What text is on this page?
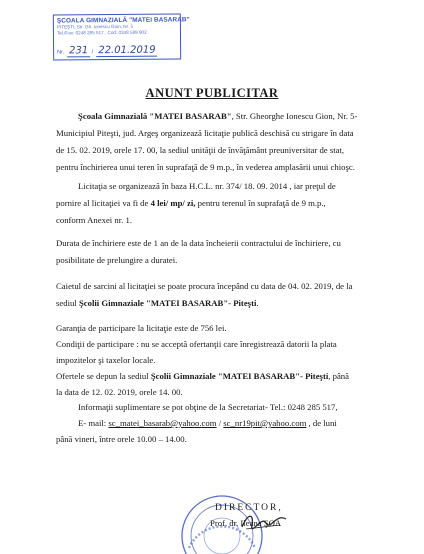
ŞCOALA GIMNAZIALĂ "MATEI BASARAB"
PITEŞTI, Str. Gh. Ionescu Gion, Nr. 5
Tel./Fax: 0248 285 517 ; Cod: 0348 589 902
Nr. 231 / 22.01.2019
ANUNT PUBLICITAR
Şcoala Gimnazială "MATEI BASARAB", Str. Gheorghe Ionescu Gion, Nr. 5-
Municipiul Piteşti, jud. Argeş organizează licitaţie publică deschisă cu strigare în data
de 15. 02. 2019, orele 17. 00, la sediul unităţii de învăţământ preuniversitar de stat,
pentru închirierea unui teren în suprafaţă de 9 m.p., în vederea amplasării unui chioşc.
Licitaţia se organizează în baza H.C.L. nr. 374/ 18. 09. 2014 , iar preţul de
pornire al licitaţiei va fi de 4 lei/ mp/ zi, pentru terenul în suprafaţă de 9 m.p.,
conform Anexei nr. 1.
Durata de închiriere este de 1 an de la data încheierii contractului de închiriere, cu
posibilitate de prelungire a duratei.
Caietul de sarcini al licitaţiei se poate procura începând cu data de 04. 02. 2019, de la
sediul Şcolii Gimnaziale "MATEI BASARAB"- Piteşti.
Garanţia de participare la licitaţie este de 756 lei.
Condiţii de participare : nu se acceptă ofertanţii care înregistrează datorii la plata
impozitelor şi taxelor locale.
Ofertele se depun la sediul Şcolii Gimnaziale "MATEI BASARAB"- Piteşti, până
la data de 12. 02. 2019, orele 14. 00.
Informaţii suplimentare se pot obţine de la Secretariat- Tel.: 0248 285 517,
E- mail: sc_matei_basarab@yahoo.com / sc_nr19pit@yahoo.com , de luni
până vineri, între orele 10.00 – 14.00.
DIRECTOR,
Prof. dr. Ileana ŞOA
